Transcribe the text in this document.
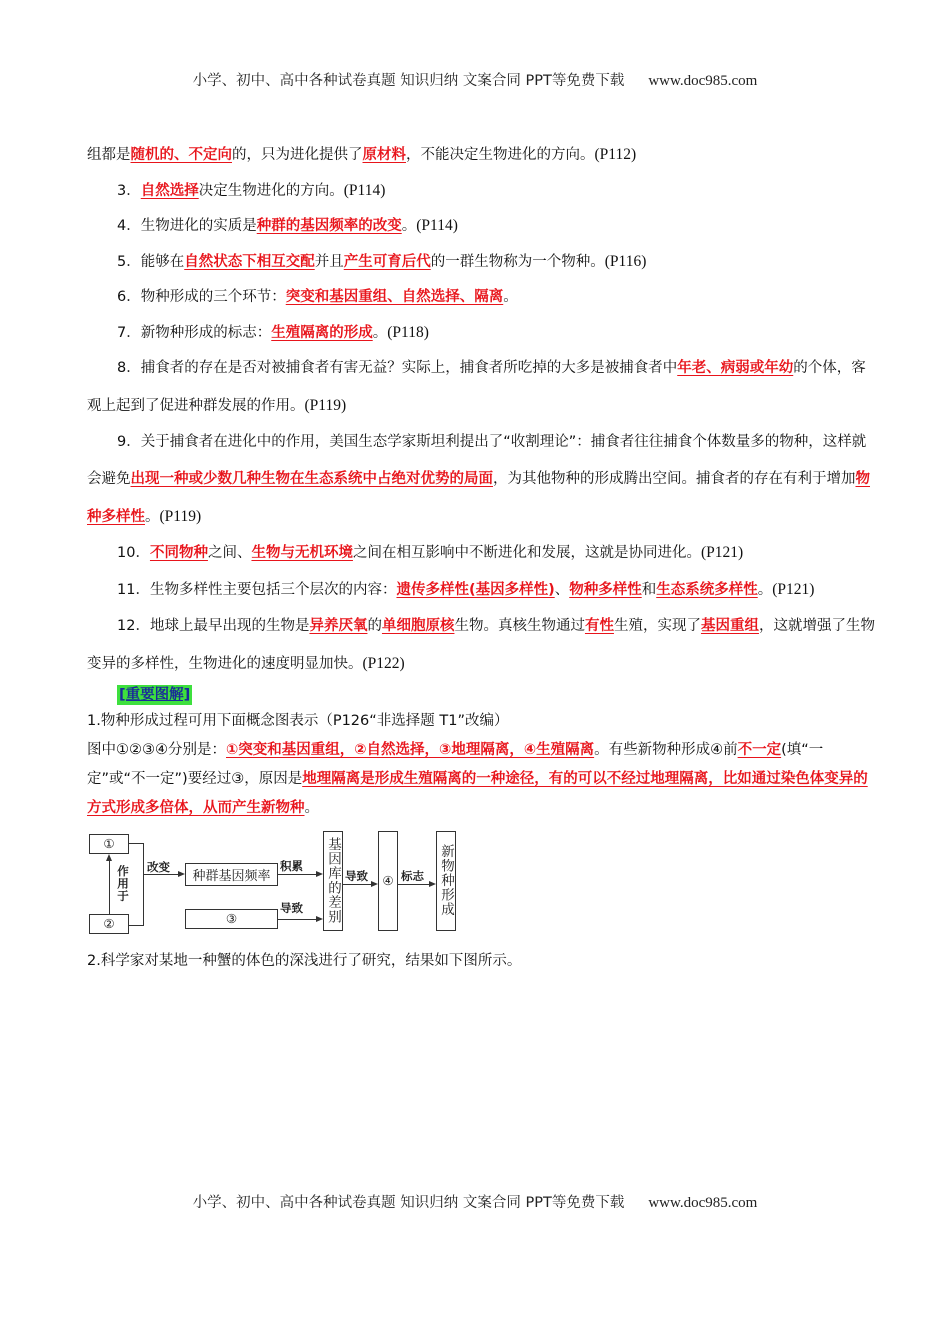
小学、初中、高中各种试卷真题 知识归纳 文案合同 PPT等免费下载 www.doc985.com

组都是随机的、不定向的，只为进化提供了原材料，不能决定生物进化的方向。(P112)

3．自然选择决定生物进化的方向。(P114)

4．生物进化的实质是种群的基因频率的改变。(P114)

5．能够在自然状态下相互交配并且产生可育后代的一群生物称为一个物种。(P116)

6．物种形成的三个环节：突变和基因重组、自然选择、隔离。

7．新物种形成的标志：生殖隔离的形成。(P118)

8．捕食者的存在是否对被捕食者有害无益？实际上，捕食者所吃掉的大多是被捕食者中年老、病弱或年幼的个体，客观上起到了促进种群发展的作用。(P119)

9．关于捕食者在进化中的作用，美国生态学家斯坦利提出了“收割理论”：捕食者往往捕食个体数量多的物种，这样就会避免出现一种或少数几种生物在生态系统中占绝对优势的局面，为其他物种的形成腾出空间。捕食者的存在有利于增加物种多样性。(P119)

10．不同物种之间、生物与无机环境之间在相互影响中不断进化和发展，这就是协同进化。(P121)

11．生物多样性主要包括三个层次的内容：遗传多样性(基因多样性)、物种多样性和生态系统多样性。(P121)

12．地球上最早出现的生物是异养厌氧的单细胞原核生物。真核生物通过有性生殖，实现了基因重组，这就增强了生物变异的多样性，生物进化的速度明显加快。(P122)

[重要图解]

1.物种形成过程可用下面概念图表示（P126“非选择题 T1”改编）

图中①②③④分别是：①突变和基因重组，②自然选择，③地理隔离，④生殖隔离。有些新物种形成④前不一定(填“一定”或“不一定”)要经过③，原因是地理隔离是形成生殖隔离的一种途径，有的可以不经过地理隔离，比如通过染色体变异的方式形成多倍体，从而产生新物种。

①
②
作用于 改变
种群基因频率
③
积累
导致 基因库的差别 导致 ④ 标志 新物种形成

2.科学家对某地一种蟹的体色的深浅进行了研究，结果如下图所示。

小学、初中、高中各种试卷真题 知识归纳 文案合同 PPT等免费下载 www.doc985.com
